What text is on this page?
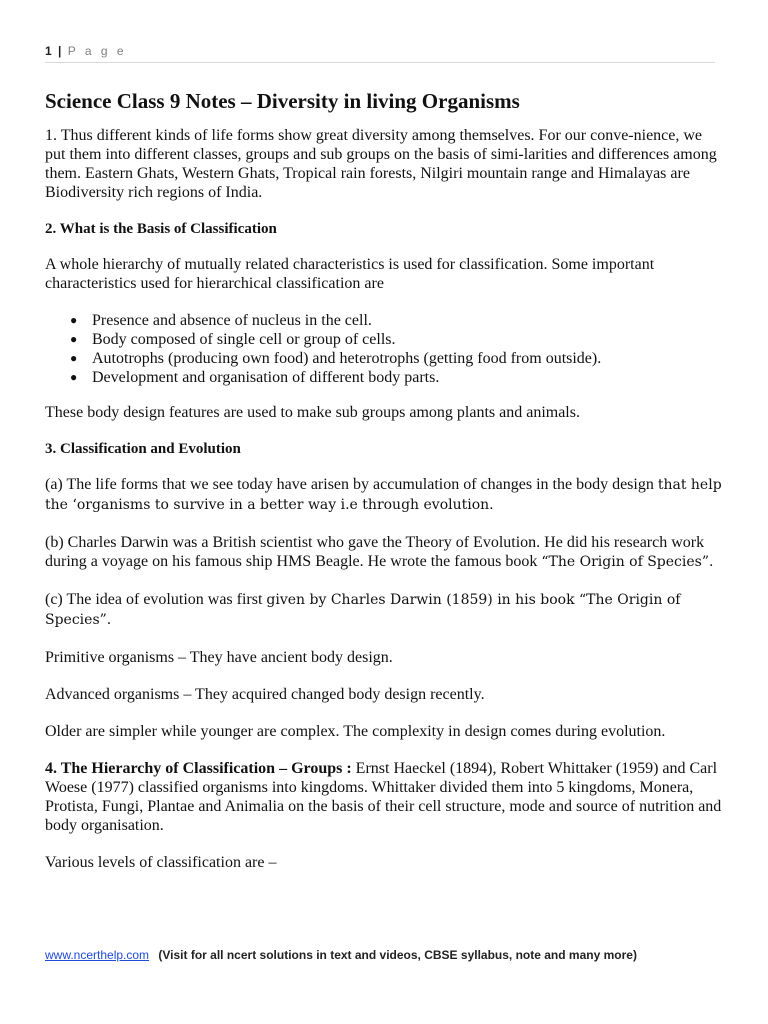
1 | P a g e
Science Class 9 Notes – Diversity in living Organisms

1. Thus different kinds of life forms show great diversity among themselves. For our conve-nience, we put them into different classes, groups and sub groups on the basis of simi-larities and differences among them. Eastern Ghats, Western Ghats, Tropical rain forests, Nilgiri mountain range and Himalayas are Biodiversity rich regions of India.

2. What is the Basis of Classification

A whole hierarchy of mutually related characteristics is used for classification. Some important characteristics used for hierarchical classification are

● Presence and absence of nucleus in the cell.
● Body composed of single cell or group of cells.
● Autotrophs (producing own food) and heterotrophs (getting food from outside).
● Development and organisation of different body parts.

These body design features are used to make sub groups among plants and animals.

3. Classification and Evolution

(a) The life forms that we see today have arisen by accumulation of changes in the body design that help the ‘organisms to survive in a better way i.e through evolution.

(b) Charles Darwin was a British scientist who gave the Theory of Evolution. He did his research work during a voyage on his famous ship HMS Beagle. He wrote the famous book “The Origin of Species”.

(c) The idea of evolution was first given by Charles Darwin (1859) in his book “The Origin of Species”.

Primitive organisms – They have ancient body design.

Advanced organisms – They acquired changed body design recently.

Older are simpler while younger are complex. The complexity in design comes during evolution.

4. The Hierarchy of Classification – Groups : Ernst Haeckel (1894), Robert Whittaker (1959) and Carl Woese (1977) classified organisms into kingdoms. Whittaker divided them into 5 kingdoms, Monera, Protista, Fungi, Plantae and Animalia on the basis of their cell structure, mode and source of nutrition and body organisation.

Various levels of classification are –

www.ncerthelp.com (Visit for all ncert solutions in text and videos, CBSE syllabus, note and many more)
